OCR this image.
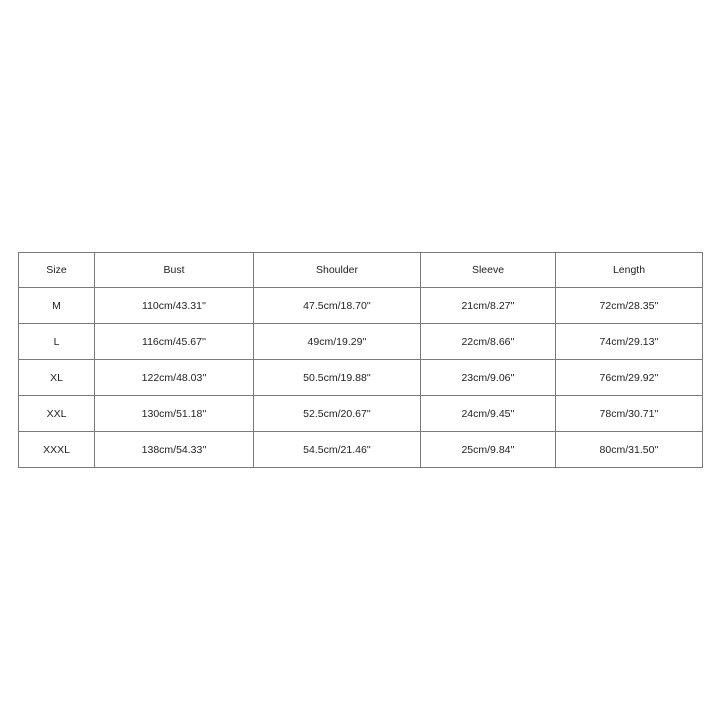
Size	Bust	Shoulder	Sleeve	Length
M	110cm/43.31''	47.5cm/18.70''	21cm/8.27''	72cm/28.35''
L	116cm/45.67''	49cm/19.29''	22cm/8.66''	74cm/29.13''
XL	122cm/48.03''	50.5cm/19.88''	23cm/9.06''	76cm/29.92''
XXL	130cm/51.18''	52.5cm/20.67''	24cm/9.45''	78cm/30.71''
XXXL	138cm/54.33''	54.5cm/21.46''	25cm/9.84''	80cm/31.50''
